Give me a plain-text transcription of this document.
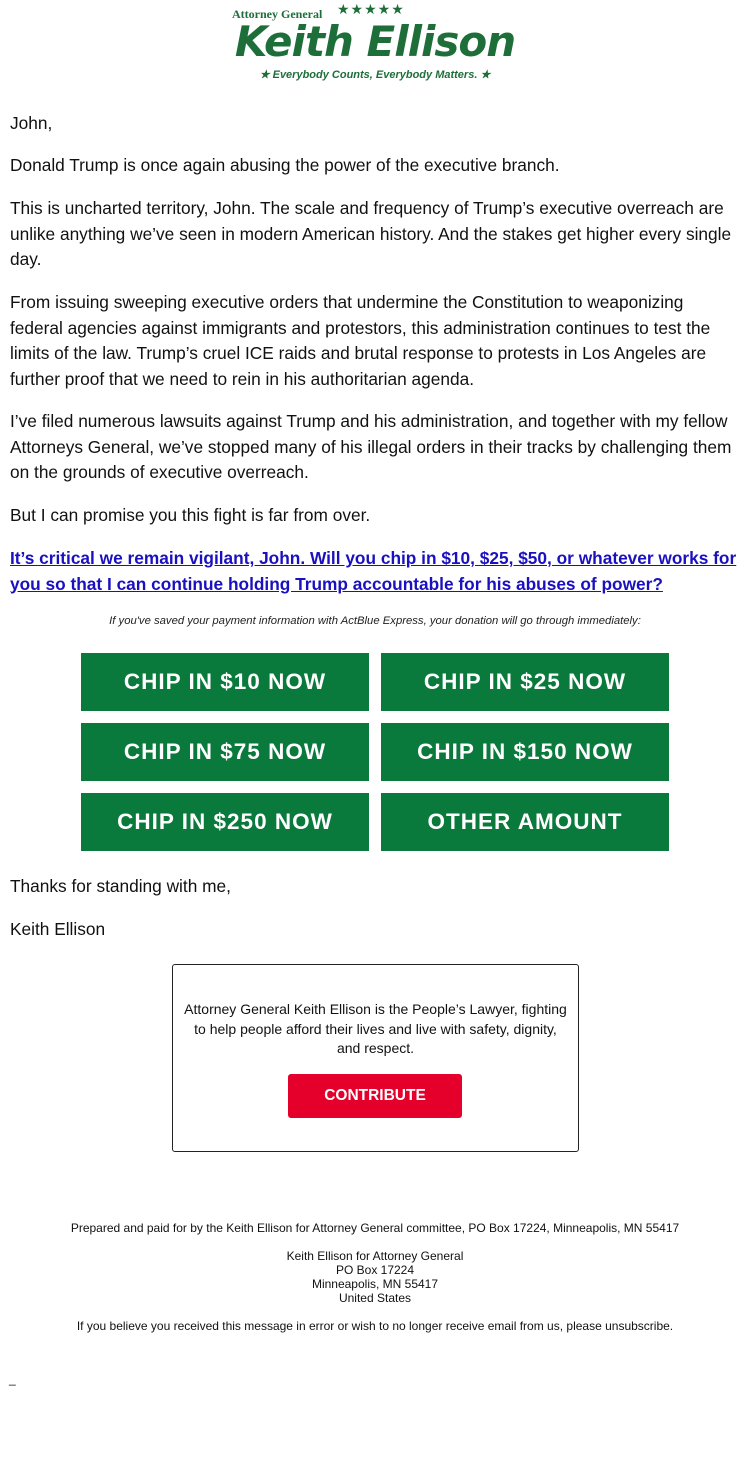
Attorney General ★★★★★
Keith Ellison
★ Everybody Counts, Everybody Matters. ★

John,

Donald Trump is once again abusing the power of the executive branch.

This is uncharted territory, John. The scale and frequency of Trump’s executive overreach are unlike anything we’ve seen in modern American history. And the stakes get higher every single day.

From issuing sweeping executive orders that undermine the Constitution to weaponizing federal agencies against immigrants and protestors, this administration continues to test the limits of the law. Trump’s cruel ICE raids and brutal response to protests in Los Angeles are further proof that we need to rein in his authoritarian agenda.

I’ve filed numerous lawsuits against Trump and his administration, and together with my fellow Attorneys General, we’ve stopped many of his illegal orders in their tracks by challenging them on the grounds of executive overreach.

But I can promise you this fight is far from over.

It’s critical we remain vigilant, John. Will you chip in $10, $25, $50, or whatever works for you so that I can continue holding Trump accountable for his abuses of power?
If you've saved your payment information with ActBlue Express, your donation will go through immediately:
CHIP IN $10 NOW	CHIP IN $25 NOW
CHIP IN $75 NOW	CHIP IN $150 NOW
CHIP IN $250 NOW	OTHER AMOUNT

Thanks for standing with me,

Keith Ellison

Attorney General Keith Ellison is the People’s Lawyer, fighting to help people afford their lives and live with safety, dignity, and respect.
CONTRIBUTE
Prepared and paid for by the Keith Ellison for Attorney General committee, PO Box 17224, Minneapolis, MN 55417
Keith Ellison for Attorney General
PO Box 17224
Minneapolis, MN 55417
United States
If you believe you received this message in error or wish to no longer receive email from us, please unsubscribe.
_
